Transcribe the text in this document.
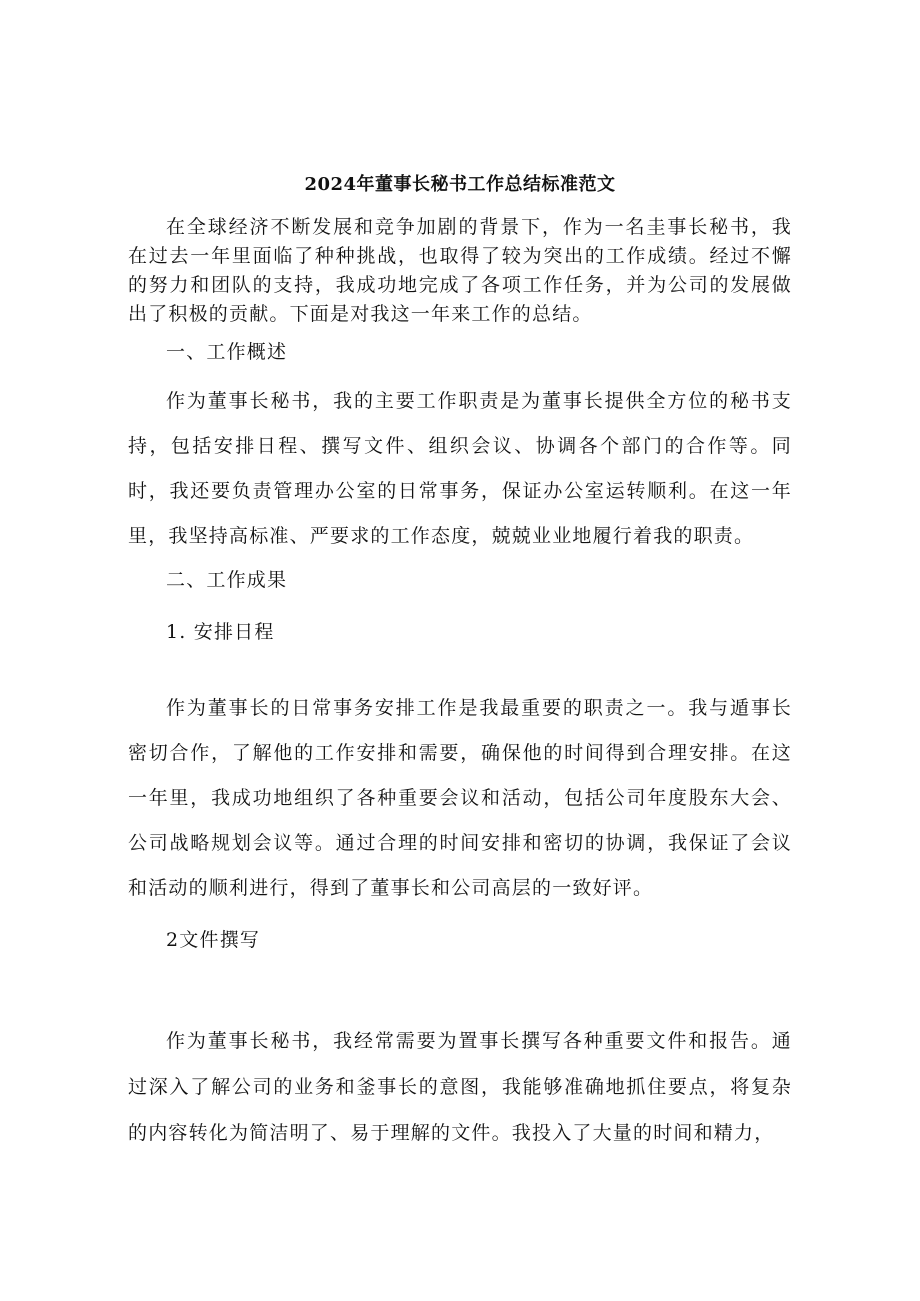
2024年董事长秘书工作总结标准范文

在全球经济不断发展和竞争加剧的背景下，作为一名圭事长秘书，我在过去一年里面临了种种挑战，也取得了较为突出的工作成绩。经过不懈的努力和团队的支持，我成功地完成了各项工作任务，并为公司的发展做出了积极的贡献。下面是对我这一年来工作的总结。

一、工作概述

作为董事长秘书，我的主要工作职责是为董事长提供全方位的秘书支持，包括安排日程、撰写文件、组织会议、协调各个部门的合作等。同时，我还要负责管理办公室的日常事务，保证办公室运转顺利。在这一年里，我坚持高标准、严要求的工作态度，兢兢业业地履行着我的职责。

二、工作成果

1. 安排日程

作为董事长的日常事务安排工作是我最重要的职责之一。我与遁事长密切合作，了解他的工作安排和需要，确保他的时间得到合理安排。在这一年里，我成功地组织了各种重要会议和活动，包括公司年度股东大会、公司战略规划会议等。通过合理的时间安排和密切的协调，我保证了会议和活动的顺利进行，得到了董事长和公司高层的一致好评。

2文件撰写

作为董事长秘书，我经常需要为置事长撰写各种重要文件和报告。通过深入了解公司的业务和釜事长的意图，我能够准确地抓住要点，将复杂的内容转化为简洁明了、易于理解的文件。我投入了大量的时间和精力，
